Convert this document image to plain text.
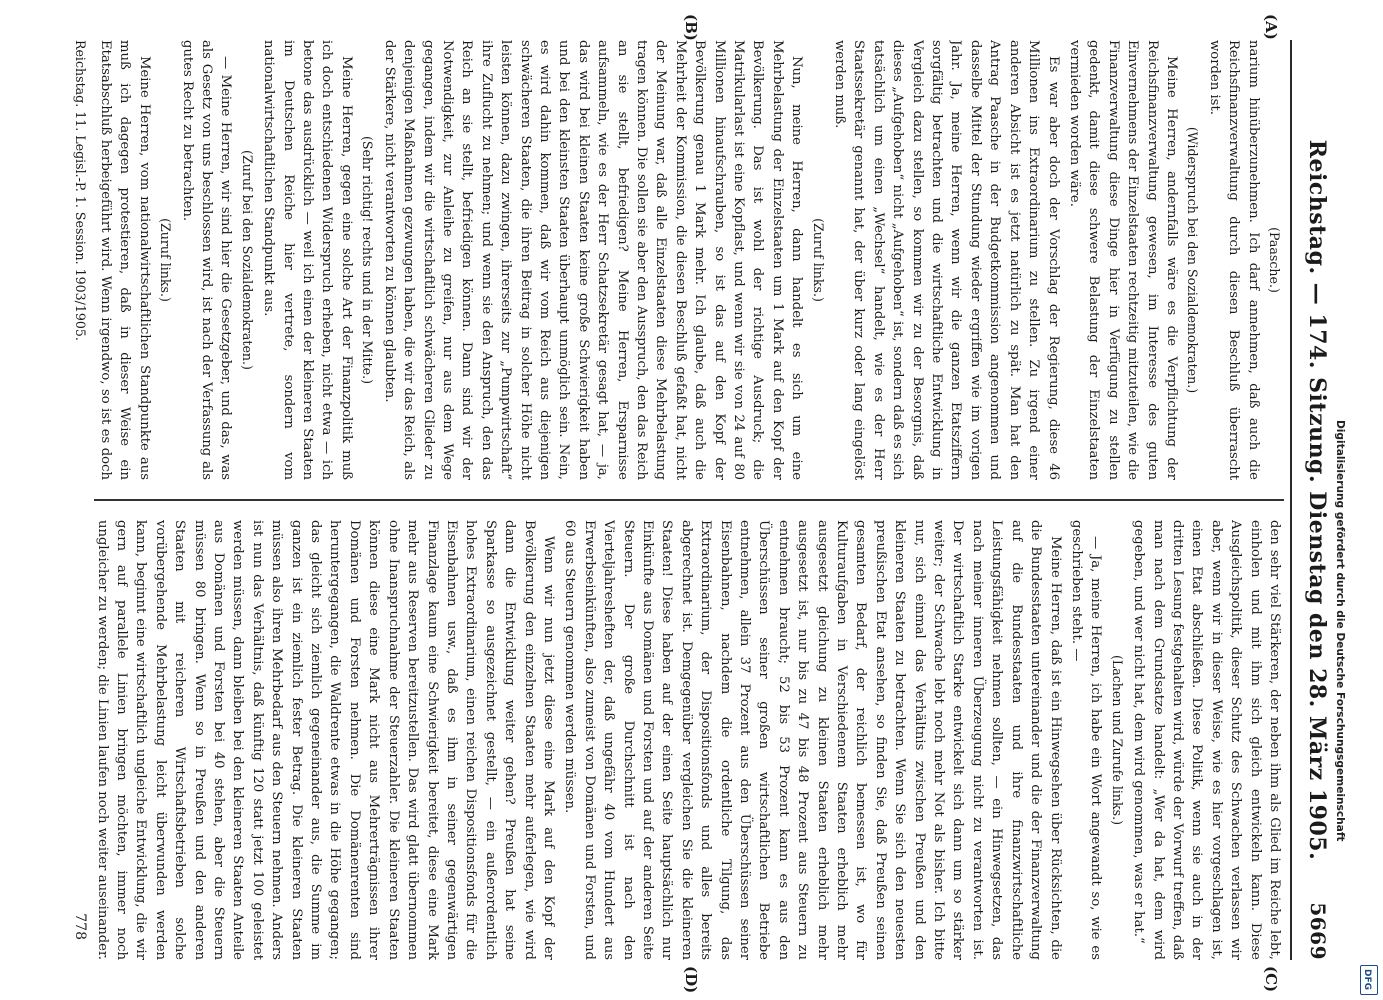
Reichstag. — 174. Sitzung. Dienstag den 28. März 1905.
5669
(A)
(B)
(C)
(D)

(Paasche.)

narium hinüberzunehmen. Ich darf annehmen, daß auch die Reichsfinanzverwaltung durch diesen Beschluß überrascht worden ist.

(Widerspruch bei den Sozialdemokraten.)

Meine Herren, andernfalls wäre es die Verpflichtung der Reichsfinanzverwaltung gewesen, im Interesse des guten Einvernehmens der Einzelstaaten rechtzeitig mitzuteilen, wie die Finanzverwaltung diese Dinge hier in Verfügung zu stellen gedenkt, damit diese schwere Belastung der Einzelstaaten vermieden worden wäre.

Es war aber doch der Vorschlag der Regierung, diese 46 Millionen ins Extraordinarium zu stellen. Zu irgend einer anderen Absicht ist es jetzt natürlich zu spät. Man hat den Antrag Paasche in der Budgetkommission angenommen und dasselbe Mittel der Stundung wieder ergriffen wie im vorigen Jahr. Ja, meine Herren, wenn wir die ganzen Etatsziffern sorgfältig betrachten und die wirtschaftliche Entwicklung in Vergleich dazu stellen, so kommen wir zu der Besorgnis, daß dieses „Aufgehoben“ nicht „Aufgehoben“ ist, sondern daß es sich tatsächlich um einen „Wechsel“ handelt, wie es der Herr Staatssekretär genannt hat, der über kurz oder lang eingelöst werden muß.

(Zuruf links.)

Nun, meine Herren, dann handelt es sich um eine Mehrbelastung der Einzelstaaten um 1 Mark auf den Kopf der Bevölkerung. Das ist wohl der richtige Ausdruck; die Matrikularlast ist eine Kopflast, und wenn wir sie von 24 auf 80 Millionen hinaufschrauben, so ist das auf den Kopf der Bevölkerung genau 1 Mark mehr. Ich glaube, daß auch die Mehrheit der Kommission, die diesen Beschluß gefaßt hat, nicht der Meinung war, daß alle Einzelstaaten diese Mehrbelastung tragen können. Die sollen sie aber den Ausspruch, den das Reich an sie stellt, befriedigen? Meine Herren, Ersparnisse aufsammeln, wie es der Herr Schatzsekretär gesagt hat, — ja, das wird bei kleinen Staaten keine große Schwierigkeit haben und bei den kleinsten Staaten überhaupt unmöglich sein. Nein, es wird dahin kommen, daß wir vom Reich aus diejenigen schwächeren Staaten, die ihren Beitrag in solcher Höhe nicht leisten können, dazu zwingen, ihrerseits zur „Pumpwirtschaft“ ihre Zuflucht zu nehmen; und wenn sie den Anspruch, den das Reich an sie stellt, befriedigen können. Dann sind wir der Notwendigkeit, zur Anleihe zu greifen, nur aus dem Wege gegangen, indem wir die wirtschaftlich schwächeren Glieder zu denjenigen Maßnahmen gezwungen haben, die wir das Reich, als der Stärkere, nicht verantworten zu können glaubten.

(Sehr richtig! rechts und in der Mitte.)

Meine Herren, gegen eine solche Art der Finanzpolitik muß ich doch entschiedenen Widerspruch erheben, nicht etwa — ich betone das ausdrücklich — weil ich einen der kleineren Staaten im Deutschen Reiche hier vertrete, sondern vom nationalwirtschaftlichen Standpunkt aus.

(Zuruf bei den Sozialdemokraten.)

— Meine Herren, wir sind hier die Gesetzgeber, und das, was als Gesetz von uns beschlossen wird, ist nach der Verfassung als gutes Recht zu betrachten.

(Zuruf links.)

Meine Herren, vom nationalwirtschaftlichen Standpunkte aus muß ich dagegen protestieren, daß in dieser Weise ein Etatsabschluß herbeigeführt wird. Wenn irgendwo, so ist es doch

den sehr viel Stärkeren, der neben ihm als Glied im Reiche lebt, einholen und mit ihm sich gleich entwickeln kann. Diese Ausgleichspolitik, dieser Schutz des Schwachen verlassen wir aber, wenn wir in dieser Weise, wie es hier vorgeschlagen ist, einen Etat abschließen. Diese Politik, wenn sie auch in der dritten Lesung festgehalten wird, würde der Vorwurf treffen, daß man nach dem Grundsatze handelt: „Wer da hat, dem wird gegeben, und wer nicht hat, dem wird genommen, was er hat.“

(Lachen und Zurufe links.)

— Ja, meine Herren, ich habe ein Wort angewandt so, wie es geschrieben steht. —

Meine Herren, daß ist ein Hinwegsehen über Rücksichten, die die Bundesstaaten untereinander und die der Finanzverwaltung auf die Bundesstaaten und ihre finanzwirtschaftliche Leistungsfähigkeit nehmen sollten, — ein Hinwegsetzen, das nach meiner inneren Überzeugung nicht zu verantworten ist. Der wirtschaftlich Starke entwickelt sich dann um so stärker weiter; der Schwache lebt noch mehr Not als bisher. Ich bitte nur, sich einmal das Verhältnis zwischen Preußen und den kleineren Staaten zu betrachten. Wenn Sie sich den neuesten preußischen Etat ansehen, so finden Sie, daß Preußen seinen gesamten Bedarf, der reichlich bemessen ist, wo für Kulturaufgaben in Verschiedenem Staaten erheblich mehr ausgesetzt gleichung zu kleinen Staaten erheblich mehr ausgesetzt ist, nur bis zu 47 bis 48 Prozent aus Steuern zu entnehmen braucht; 52 bis 53 Prozent kann es aus den Überschüssen seiner großen wirtschaftlichen Betriebe entnehmen, allein 37 Prozent aus den Überschüssen seiner Eisenbahnen, nachdem die ordentliche Tilgung, das Extraordinarium, der Dispositionsfonds und alles bereits abgerechnet ist. Demgegenüber vergleichen Sie die kleineren Staaten! Diese haben auf der einen Seite hauptsächlich nur Einkünfte aus Domänen und Forsten und auf der anderen Seite Steuern. Der große Durchschnitt ist nach den Vierteljahresheften der, daß ungefähr 40 vom Hundert aus Erwerbseinkünften, also zumeist von Domänen und Forsten, und 60 aus Steuern genommen werden müssen.

Wenn wir nun jetzt diese eine Mark auf den Kopf der Bevölkerung den einzelnen Staaten mehr auferlegen, wie wird dann die Entwicklung weiter gehen? Preußen hat seine Sparkasse so ausgezeichnet gestellt, — ein außerordentlich hohes Extraordinarium, einen reichen Dispositionsfonds für die Eisenbahnen usw., daß es ihm in seiner gegenwärtigen Finanzlage kaum eine Schwierigkeit bereitet, diese eine Mark mehr aus Reserven bereitzustellen. Das wird glatt übernommen ohne Inanspruchnahme der Steuerzahler. Die kleineren Staaten können diese eine Mark nicht aus Mehrerträgnissen ihrer Domänen und Forsten nehmen. Die Domänenrenten sind heruntergegangen, die Waldrente etwas in die Höhe gegangen; das gleicht sich ziemlich gegeneinander aus, die Summe im ganzen ist ein ziemlich fester Betrag. Die kleineren Staaten müssen also ihren Mehrbedarf aus den Steuern nehmen. Anders ist nun das Verhältnis, daß künftig 120 statt jetzt 100 geleistet werden müssen, dann bleiben bei den kleineren Staaten Anteile aus Domänen und Forsten bei 40 stehen, aber die Steuern müssen 80 bringen. Wenn so in Preußen und den anderen Staaten mit reicheren Wirtschaftsbetrieben solche vorübergehende Mehrbelastung leicht überwunden werden kann, beginnt eine wirtschaftlich ungleiche Entwicklung, die wir gern auf parallele Linien bringen möchten, immer noch ungleicher zu werden; die Linien laufen noch weiter auseinander.

Reichstag. 11. Legisl.-P. 1. Session. 1903/1905.
778
Digitalisierung gefördert durch die Deutsche Forschungsgemeinschaft
DFG
